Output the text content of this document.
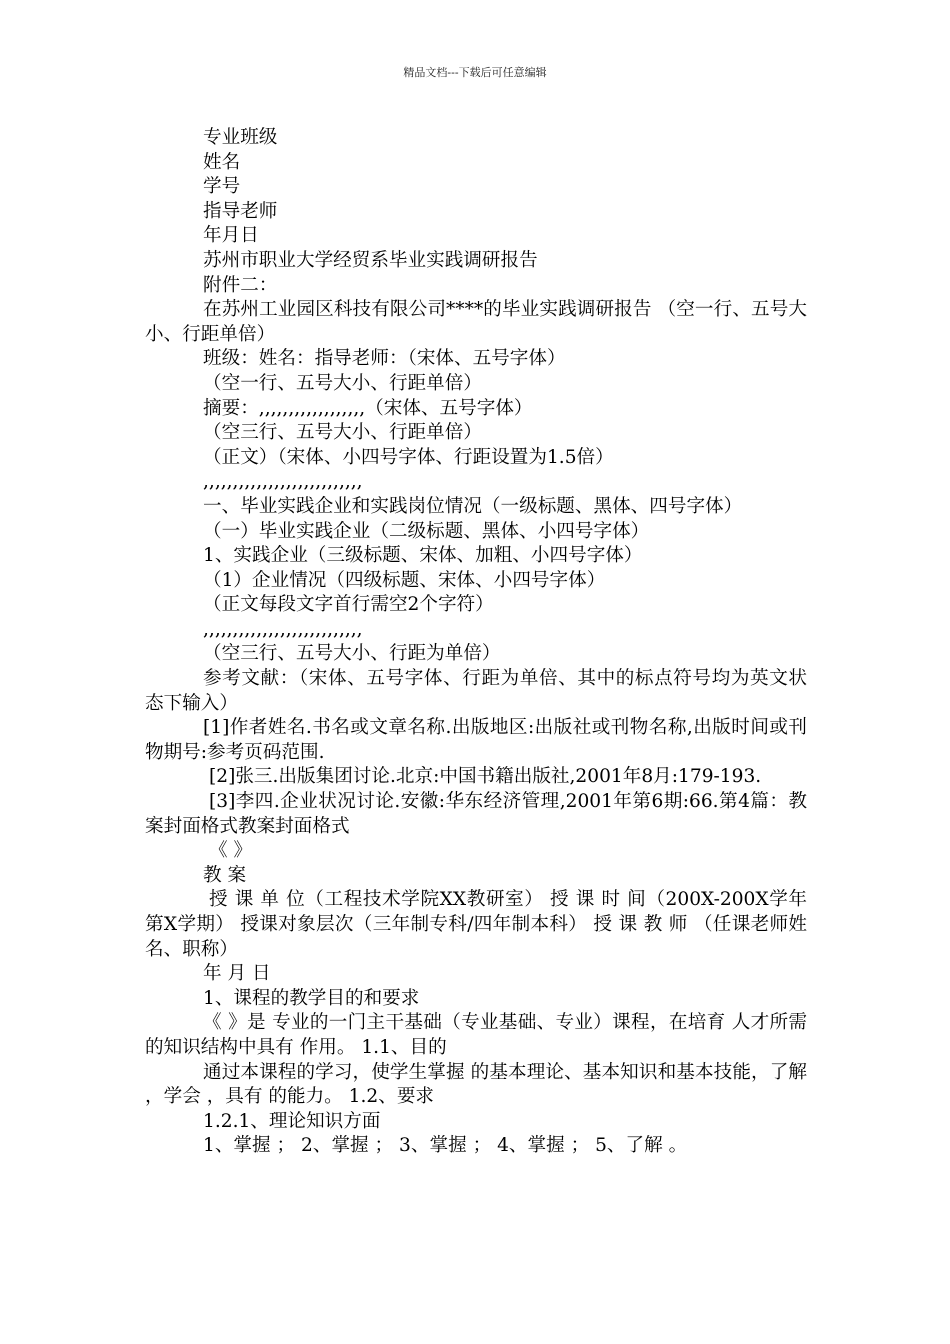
精品文档---下载后可任意编辑
专业班级
姓名
学号
指导老师
年月日
苏州市职业大学经贸系毕业实践调研报告
附件二：
在苏州工业园区科技有限公司****的毕业实践调研报告 （空一行、五号大小、行距单倍）
班级：姓名：指导老师：（宋体、五号字体）
（空一行、五号大小、行距单倍）
摘要：,,,,,,,,,,,,,,,,,,（宋体、五号字体）
（空三行、五号大小、行距单倍）
（正文）（宋体、小四号字体、行距设置为1.5倍）
,,,,,,,,,,,,,,,,,,,,,,,,,,,
一、毕业实践企业和实践岗位情况（一级标题、黑体、四号字体）
（一）毕业实践企业（二级标题、黑体、小四号字体）
1、实践企业（三级标题、宋体、加粗、小四号字体）
（1）企业情况（四级标题、宋体、小四号字体）
（正文每段文字首行需空2个字符）
,,,,,,,,,,,,,,,,,,,,,,,,,,,
（空三行、五号大小、行距为单倍）
参考文献：（宋体、五号字体、行距为单倍、其中的标点符号均为英文状态下输入）
[1]作者姓名.书名或文章名称.出版地区:出版社或刊物名称,出版时间或刊物期号:参考页码范围.
[2]张三.出版集团讨论.北京:中国书籍出版社,2001年8月:179-193.
[3]李四.企业状况讨论.安徽:华东经济管理,2001年第6期:66.第4篇：教案封面格式教案封面格式
《 》
教 案
授 课 单 位（工程技术学院XX教研室） 授 课 时 间（200X-200X学年第X学期） 授课对象层次（三年制专科/四年制本科） 授 课 教 师 （任课老师姓名、职称）
年 月 日
1、课程的教学目的和要求
《 》是 专业的一门主干基础（专业基础、专业）课程，在培育 人才所需的知识结构中具有 作用。 1.1、目的
通过本课程的学习，使学生掌握 的基本理论、基本知识和基本技能，了解 ，学会 ，具有 的能力。 1.2、要求
1.2.1、理论知识方面
1、掌握 ； 2、掌握 ； 3、掌握 ； 4、掌握 ； 5、了解 。
